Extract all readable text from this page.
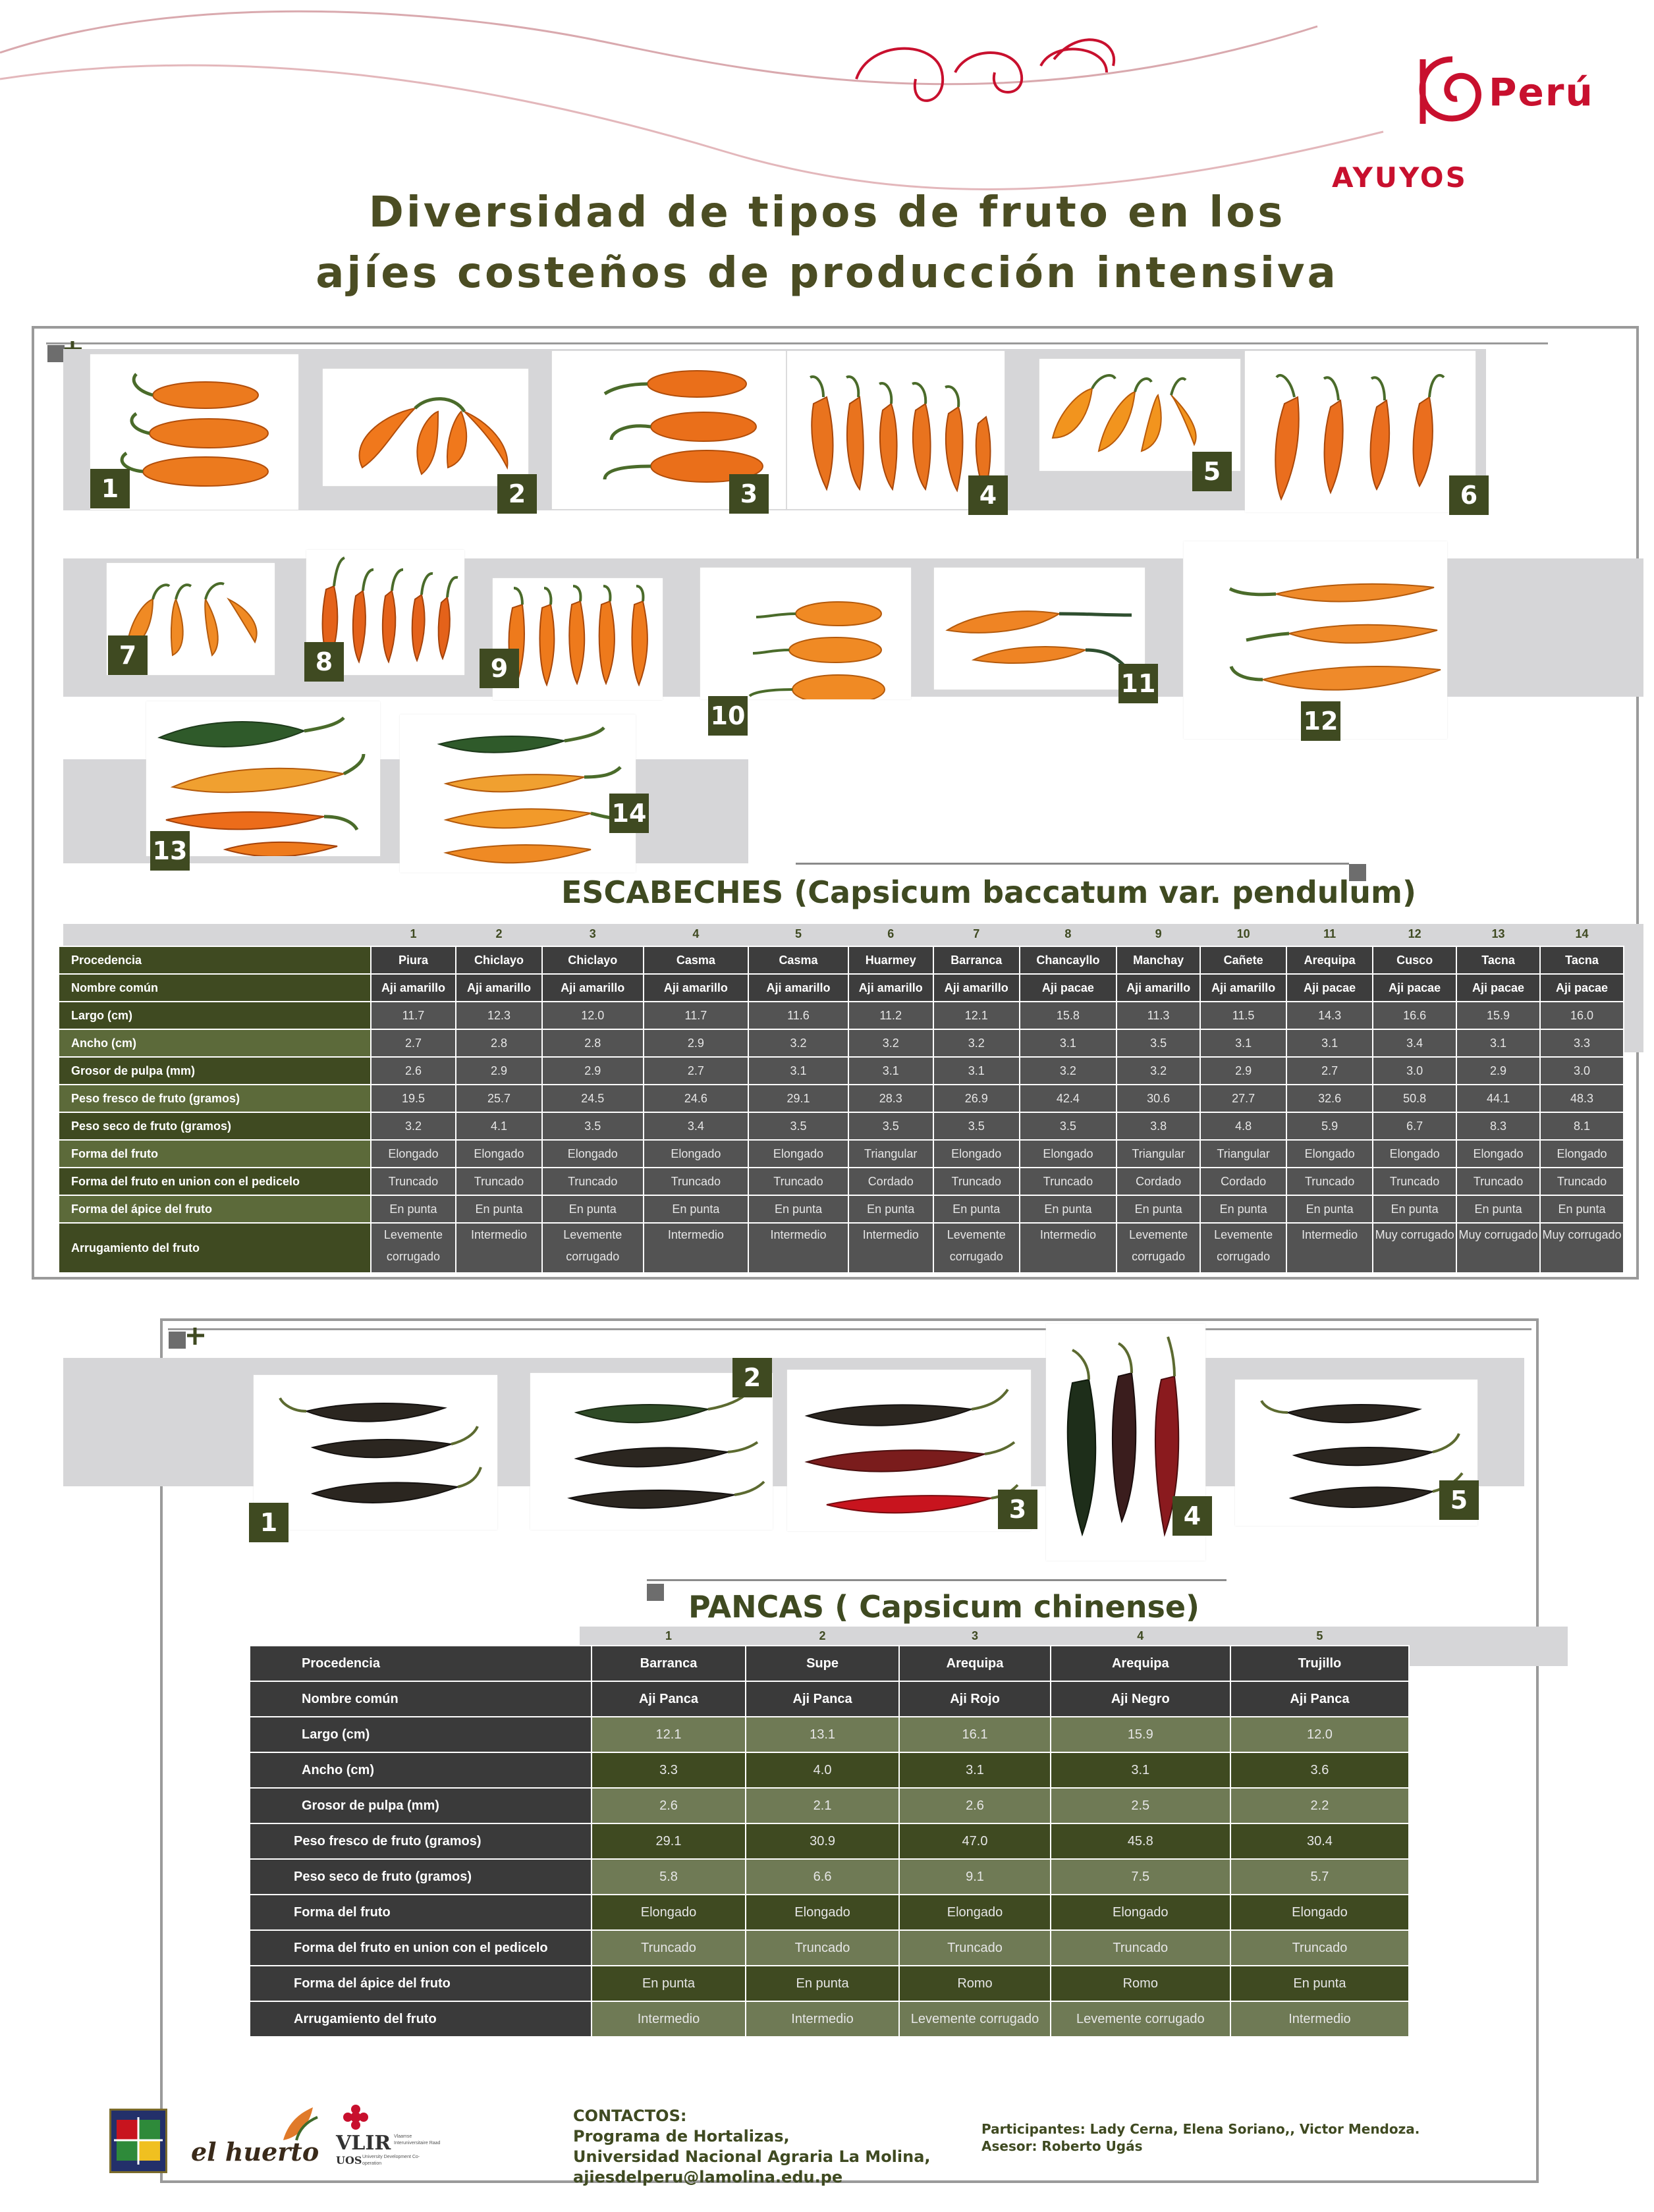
Perú
AYUYOS
Diversidad de tipos de fruto en los
ajíes costeños de producción intensiva
1	2	3	4
5
6
7	8	9
10
11
12
13
14
ESCABECHES (Capsicum baccatum var. pendulum)
	1	2	3	4	5	6	7	8	9	10	11	12	13	14
Procedencia	Piura	Chiclayo	Chiclayo	Casma	Casma	Huarmey	Barranca	Chancayllo	Manchay	Cañete	Arequipa	Cusco	Tacna	Tacna
Nombre común	Aji amarillo	Aji amarillo	Aji amarillo	Aji amarillo	Aji amarillo	Aji amarillo	Aji amarillo	Aji pacae	Aji amarillo	Aji amarillo	Aji pacae	Aji pacae	Aji pacae	Aji pacae
Largo (cm)	11.7	12.3	12.0	11.7	11.6	11.2	12.1	15.8	11.3	11.5	14.3	16.6	15.9	16.0
Ancho (cm)	2.7	2.8	2.8	2.9	3.2	3.2	3.2	3.1	3.5	3.1	3.1	3.4	3.1	3.3
Grosor de pulpa (mm)	2.6	2.9	2.9	2.7	3.1	3.1	3.1	3.2	3.2	2.9	2.7	3.0	2.9	3.0
Peso fresco de fruto (gramos)	19.5	25.7	24.5	24.6	29.1	28.3	26.9	42.4	30.6	27.7	32.6	50.8	44.1	48.3
Peso seco de fruto (gramos)	3.2	4.1	3.5	3.4	3.5	3.5	3.5	3.5	3.8	4.8	5.9	6.7	8.3	8.1
Forma del fruto	Elongado	Elongado	Elongado	Elongado	Elongado	Triangular	Elongado	Elongado	Triangular	Triangular	Elongado	Elongado	Elongado	Elongado
Forma del fruto en union con el pedicelo	Truncado	Truncado	Truncado	Truncado	Truncado	Cordado	Truncado	Truncado	Cordado	Cordado	Truncado	Truncado	Truncado	Truncado
Forma del ápice del fruto	En punta	En punta	En punta	En punta	En punta	En punta	En punta	En punta	En punta	En punta	En punta	En punta	En punta	En punta
Arrugamiento del fruto	Levemente corrugado	Intermedio	Levemente corrugado	Intermedio	Intermedio	Intermedio	Levemente corrugado	Intermedio	Levemente corrugado	Levemente corrugado	Intermedio	Muy corrugado	Muy corrugado	Muy corrugado
1
2
3	4
5
PANCAS ( Capsicum chinense)
	1	2	3	4	5
Procedencia	Barranca	Supe	Arequipa	Arequipa	Trujillo
Nombre común	Aji Panca	Aji Panca	Aji Rojo	Aji Negro	Aji Panca
Largo (cm)	12.1	13.1	16.1	15.9	12.0
Ancho (cm)	3.3	4.0	3.1	3.1	3.6
Grosor de pulpa (mm)	2.6	2.1	2.6	2.5	2.2
Peso fresco de fruto (gramos)	29.1	30.9	47.0	45.8	30.4
Peso seco de fruto (gramos)	5.8	6.6	9.1	7.5	5.7
Forma del fruto	Elongado	Elongado	Elongado	Elongado	Elongado
Forma del fruto en union con el pedicelo	Truncado	Truncado	Truncado	Truncado	Truncado
Forma del ápice del fruto	En punta	En punta	Romo	Romo	En punta
Arrugamiento del fruto	Intermedio	Intermedio	Levemente corrugado	Levemente corrugado	Intermedio
el huerto VLIR
UOS
Vlaamse Interuniversitaire Raad
University Development Co-operation
CONTACTOS:
Programa de Hortalizas,
Universidad Nacional Agraria La Molina,
ajiesdelperu@lamolina.edu.pe
Participantes: Lady Cerna, Elena Soriano,, Victor Mendoza.
Asesor: Roberto Ugás
